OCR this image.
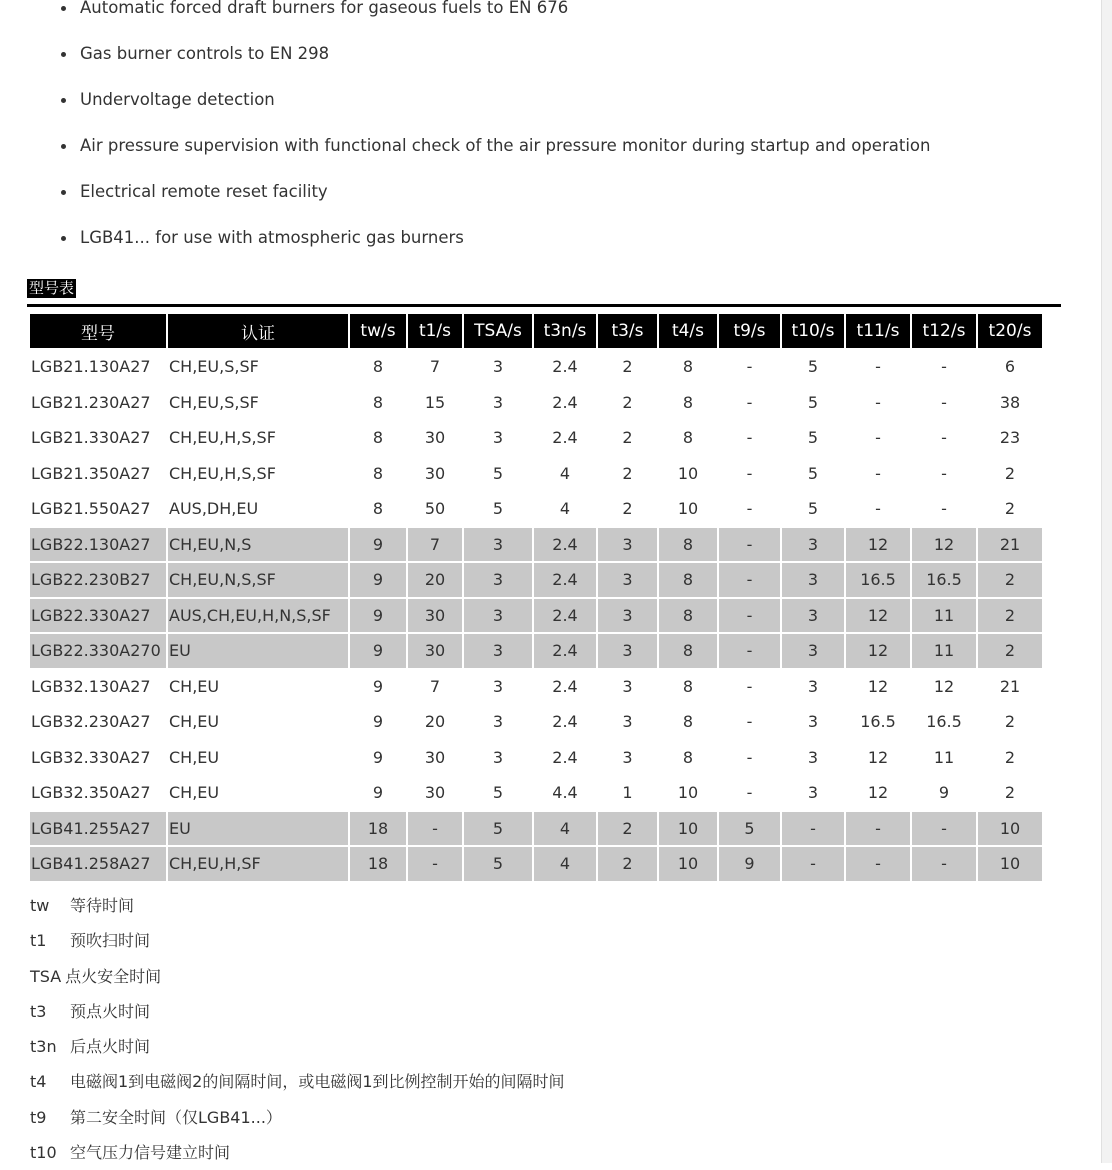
Automatic forced draft burners for gaseous fuels to EN 676
Gas burner controls to EN 298
Undervoltage detection
Air pressure supervision with functional check of the air pressure monitor during startup and operation
Electrical remote reset facility
LGB41... for use with atmospheric gas burners
型号表
型号	认证	tw/s	t1/s	TSA/s	t3n/s	t3/s	t4/s	t9/s	t10/s	t11/s	t12/s	t20/s
LGB21.130A27	CH,EU,S,SF	8	7	3	2.4	2	8	-	5	-	-	6
LGB21.230A27	CH,EU,S,SF	8	15	3	2.4	2	8	-	5	-	-	38
LGB21.330A27	CH,EU,H,S,SF	8	30	3	2.4	2	8	-	5	-	-	23
LGB21.350A27	CH,EU,H,S,SF	8	30	5	4	2	10	-	5	-	-	2
LGB21.550A27	AUS,DH,EU	8	50	5	4	2	10	-	5	-	-	2
LGB22.130A27	CH,EU,N,S	9	7	3	2.4	3	8	-	3	12	12	21
LGB22.230B27	CH,EU,N,S,SF	9	20	3	2.4	3	8	-	3	16.5	16.5	2
LGB22.330A27	AUS,CH,EU,H,N,S,SF	9	30	3	2.4	3	8	-	3	12	11	2
LGB22.330A270	EU	9	30	3	2.4	3	8	-	3	12	11	2
LGB32.130A27	CH,EU	9	7	3	2.4	3	8	-	3	12	12	21
LGB32.230A27	CH,EU	9	20	3	2.4	3	8	-	3	16.5	16.5	2
LGB32.330A27	CH,EU	9	30	3	2.4	3	8	-	3	12	11	2
LGB32.350A27	CH,EU	9	30	5	4.4	1	10	-	3	12	9	2
LGB41.255A27	EU	18	-	5	4	2	10	5	-	-	-	10
LGB41.258A27	CH,EU,H,SF	18	-	5	4	2	10	9	-	-	-	10
tw 等待时间
t1 预吹扫时间
TSA 点火安全时间
t3 预点火时间
t3n 后点火时间
t4 电磁阀1到电磁阀2的间隔时间，或电磁阀1到比例控制开始的间隔时间
t9 第二安全时间（仅LGB41...）
t10 空气压力信号建立时间
